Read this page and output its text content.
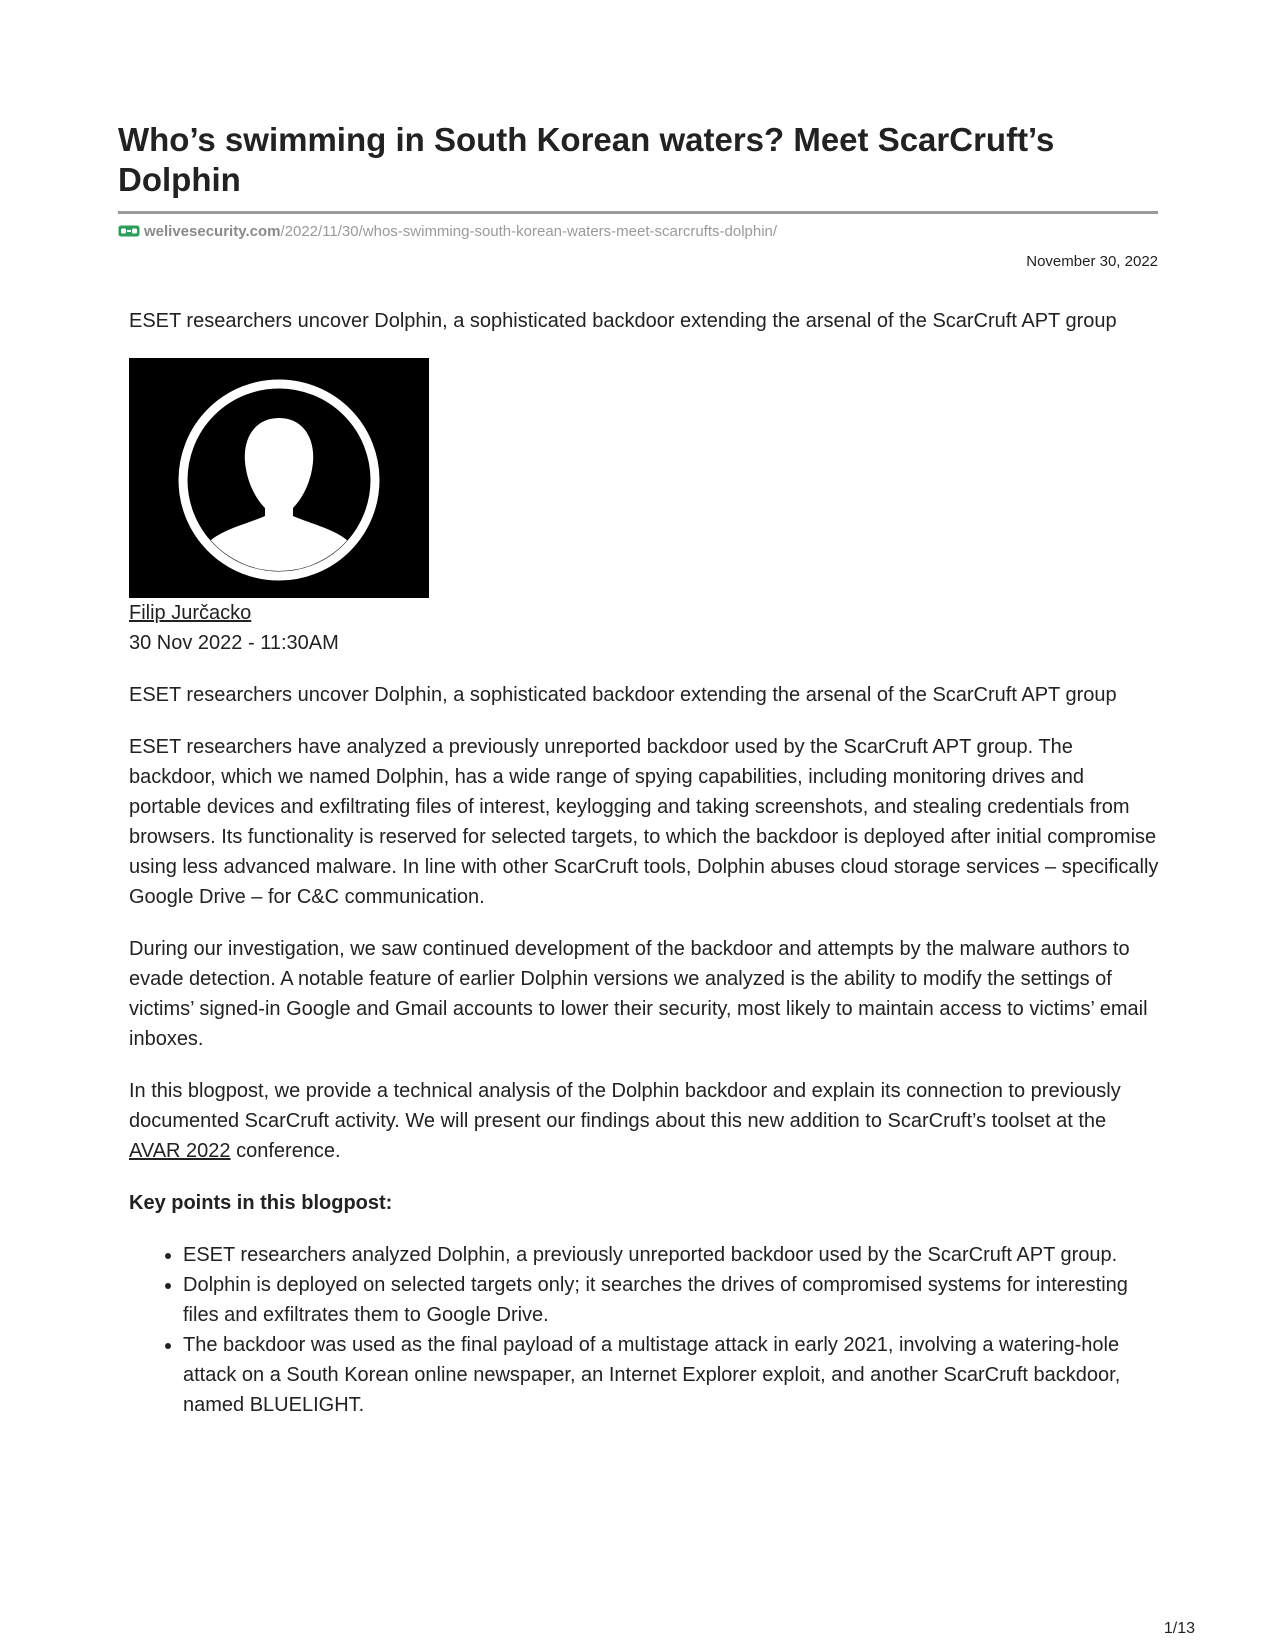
Who’s swimming in South Korean waters? Meet ScarCruft’s Dolphin
welivesecurity.com /2022/11/30/whos-swimming-south-korean-waters-meet-scarcrufts-dolphin/
November 30, 2022

ESET researchers uncover Dolphin, a sophisticated backdoor extending the arsenal of the ScarCruft APT group

Filip Jurčacko
30 Nov 2022 - 11:30AM

ESET researchers uncover Dolphin, a sophisticated backdoor extending the arsenal of the ScarCruft APT group

ESET researchers have analyzed a previously unreported backdoor used by the ScarCruft APT group. The backdoor, which we named Dolphin, has a wide range of spying capabilities, including monitoring drives and portable devices and exfiltrating files of interest, keylogging and taking screenshots, and stealing credentials from browsers. Its functionality is reserved for selected targets, to which the backdoor is deployed after initial compromise using less advanced malware. In line with other ScarCruft tools, Dolphin abuses cloud storage services – specifically Google Drive – for C&C communication.

During our investigation, we saw continued development of the backdoor and attempts by the malware authors to evade detection. A notable feature of earlier Dolphin versions we analyzed is the ability to modify the settings of victims’ signed-in Google and Gmail accounts to lower their security, most likely to maintain access to victims’ email inboxes.

In this blogpost, we provide a technical analysis of the Dolphin backdoor and explain its connection to previously documented ScarCruft activity. We will present our findings about this new addition to ScarCruft’s toolset at the AVAR 2022 conference.

Key points in this blogpost:

• ESET researchers analyzed Dolphin, a previously unreported backdoor used by the ScarCruft APT group.
• Dolphin is deployed on selected targets only; it searches the drives of compromised systems for interesting files and exfiltrates them to Google Drive.
• The backdoor was used as the final payload of a multistage attack in early 2021, involving a watering-hole attack on a South Korean online newspaper, an Internet Explorer exploit, and another ScarCruft backdoor, named BLUELIGHT.
1/13
